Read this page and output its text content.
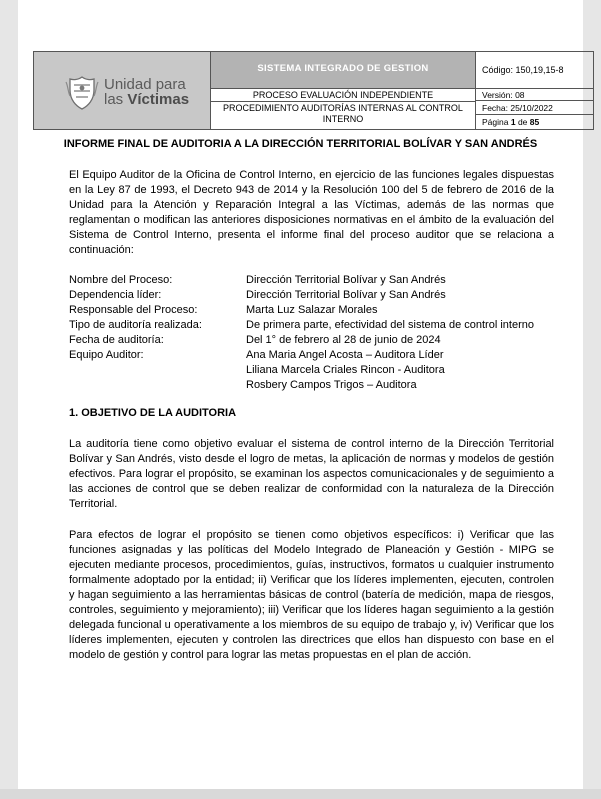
Unidad para
las Víctimas
SISTEMA INTEGRADO DE GESTION
PROCESO EVALUACIÓN INDEPENDIENTE
PROCEDIMIENTO AUDITORÍAS INTERNAS AL CONTROL INTERNO
Código: 150,19,15-8
Versión: 08
Fecha: 25/10/2022
Página 1 de 85
INFORME FINAL DE AUDITORIA A LA DIRECCIÓN TERRITORIAL BOLÍVAR Y SAN ANDRÉS

El Equipo Auditor de la Oficina de Control Interno, en ejercicio de las funciones legales dispuestas en la Ley 87 de 1993, el Decreto 943 de 2014 y la Resolución 100 del 5 de febrero de 2016 de la Unidad para la Atención y Reparación Integral a las Víctimas, además de las normas que reglamentan o modifican las anteriores disposiciones normativas en el ámbito de la evaluación del Sistema de Control Interno, presenta el informe final del proceso auditor que se relaciona a continuación:

Nombre del Proceso:	Dirección Territorial Bolívar y San Andrés
Dependencia líder:	Dirección Territorial Bolívar y San Andrés
Responsable del Proceso:	Marta Luz Salazar Morales
Tipo de auditoría realizada:	De primera parte, efectividad del sistema de control interno
Fecha de auditoría:	Del 1° de febrero al 28 de junio de 2024
Equipo Auditor:	Ana Maria Angel Acosta – Auditora Líder
Liliana Marcela Criales Rincon - Auditora
Rosbery Campos Trigos – Auditora
1. OBJETIVO DE LA AUDITORIA

La auditoría tiene como objetivo evaluar el sistema de control interno de la Dirección Territorial Bolívar y San Andrés, visto desde el logro de metas, la aplicación de normas y modelos de gestión efectivos. Para lograr el propósito, se examinan los aspectos comunicacionales y de seguimiento a las acciones de control que se deben realizar de conformidad con la naturaleza de la Dirección Territorial.

Para efectos de lograr el propósito se tienen como objetivos específicos: i) Verificar que las funciones asignadas y las políticas del Modelo Integrado de Planeación y Gestión - MIPG se ejecuten mediante procesos, procedimientos, guías, instructivos, formatos u cualquier instrumento formalmente adoptado por la entidad; ii) Verificar que los líderes implementen, ejecuten, controlen y hagan seguimiento a las herramientas básicas de control (batería de medición, mapa de riesgos, controles, seguimiento y mejoramiento); iii) Verificar que los líderes hagan seguimiento a la gestión delegada funcional u operativamente a los miembros de su equipo de trabajo y, iv) Verificar que los líderes implementen, ejecuten y controlen las directrices que ellos han dispuesto con base en el modelo de gestión y control para lograr las metas propuestas en el plan de acción.
